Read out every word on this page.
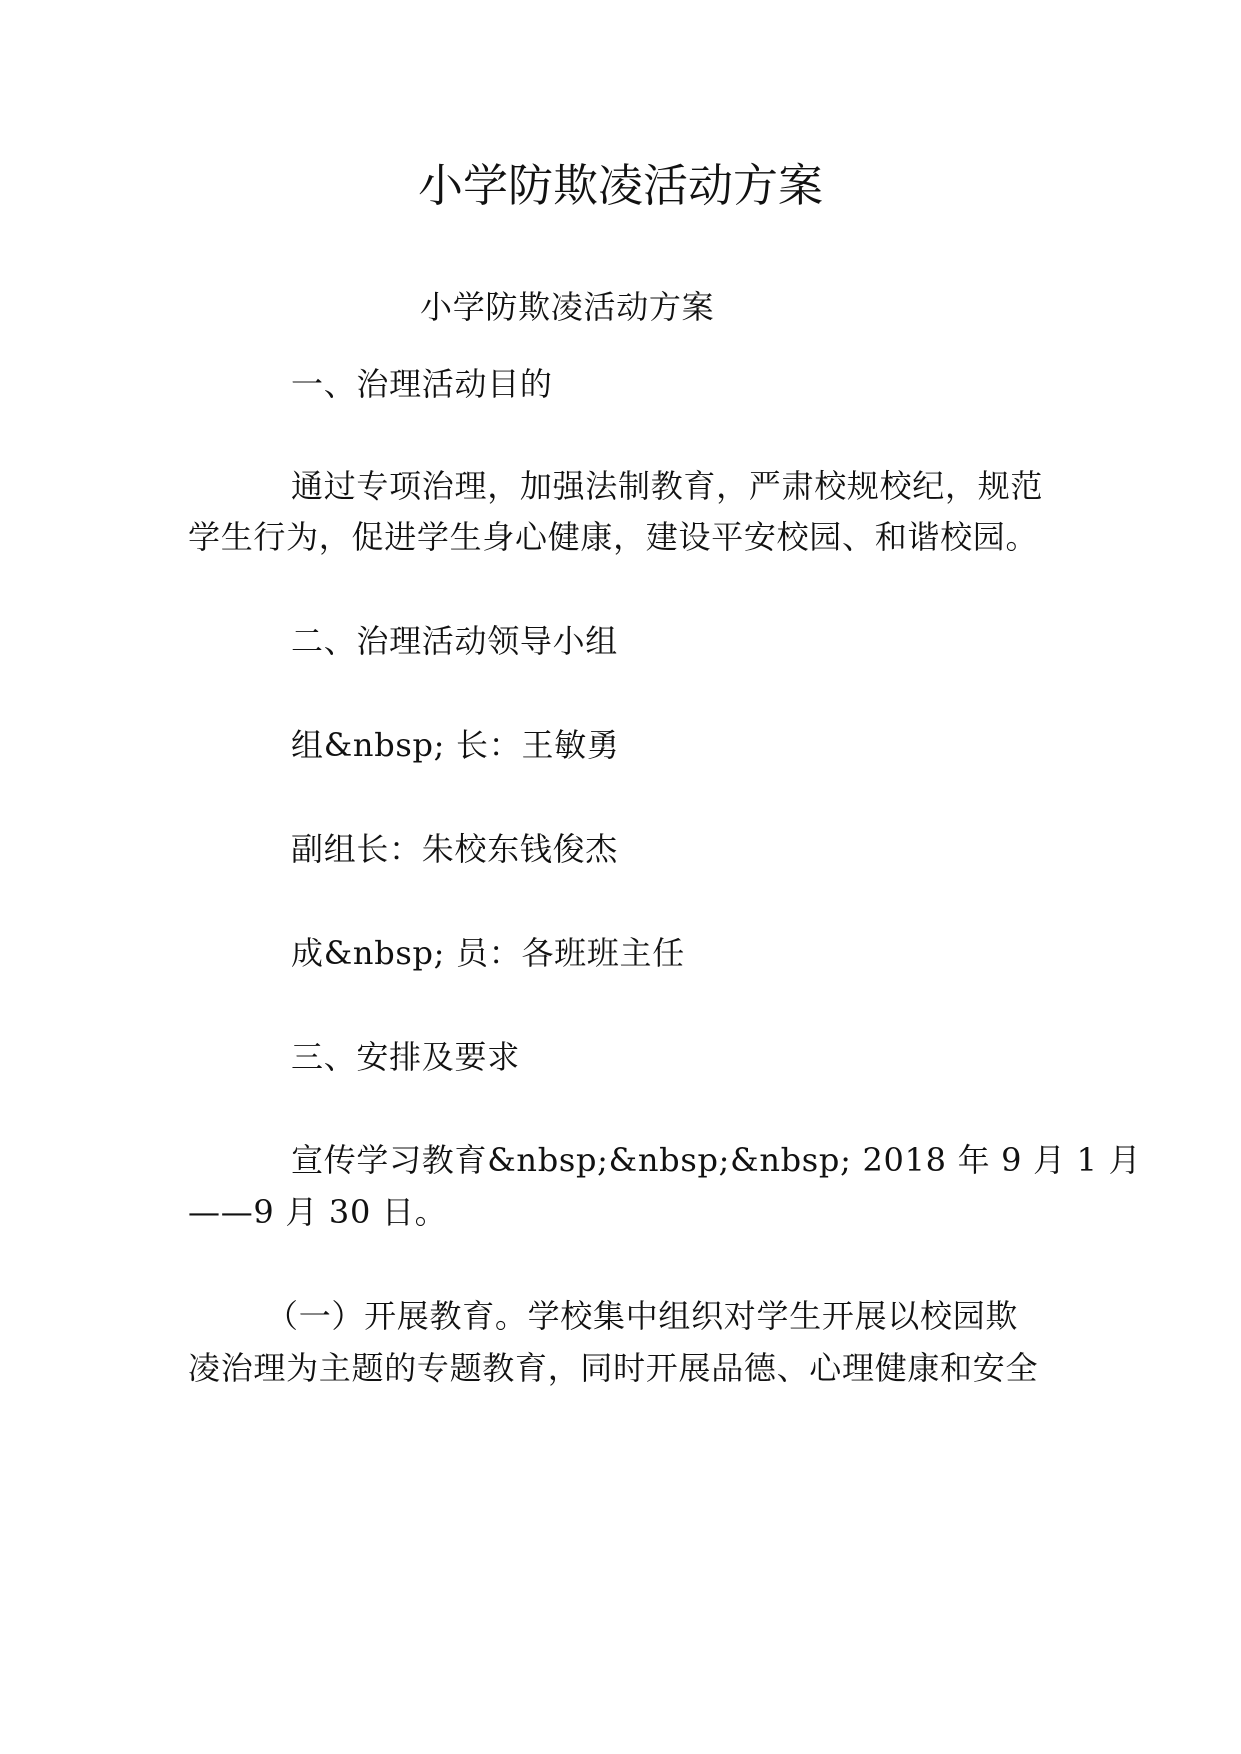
小学防欺凌活动方案
小学防欺凌活动方案
一、治理活动目的
通过专项治理，加强法制教育，严肃校规校纪，规范
学生行为，促进学生身心健康，建设平安校园、和谐校园。
二、治理活动领导小组
组&nbsp; 长：王敏勇
副组长：朱校东钱俊杰
成&nbsp; 员：各班班主任
三、安排及要求
宣传学习教育&nbsp;&nbsp;&nbsp; 2018 年 9 月 1 月
——9 月 30 日。
（一）开展教育。学校集中组织对学生开展以校园欺
凌治理为主题的专题教育，同时开展品德、心理健康和安全
